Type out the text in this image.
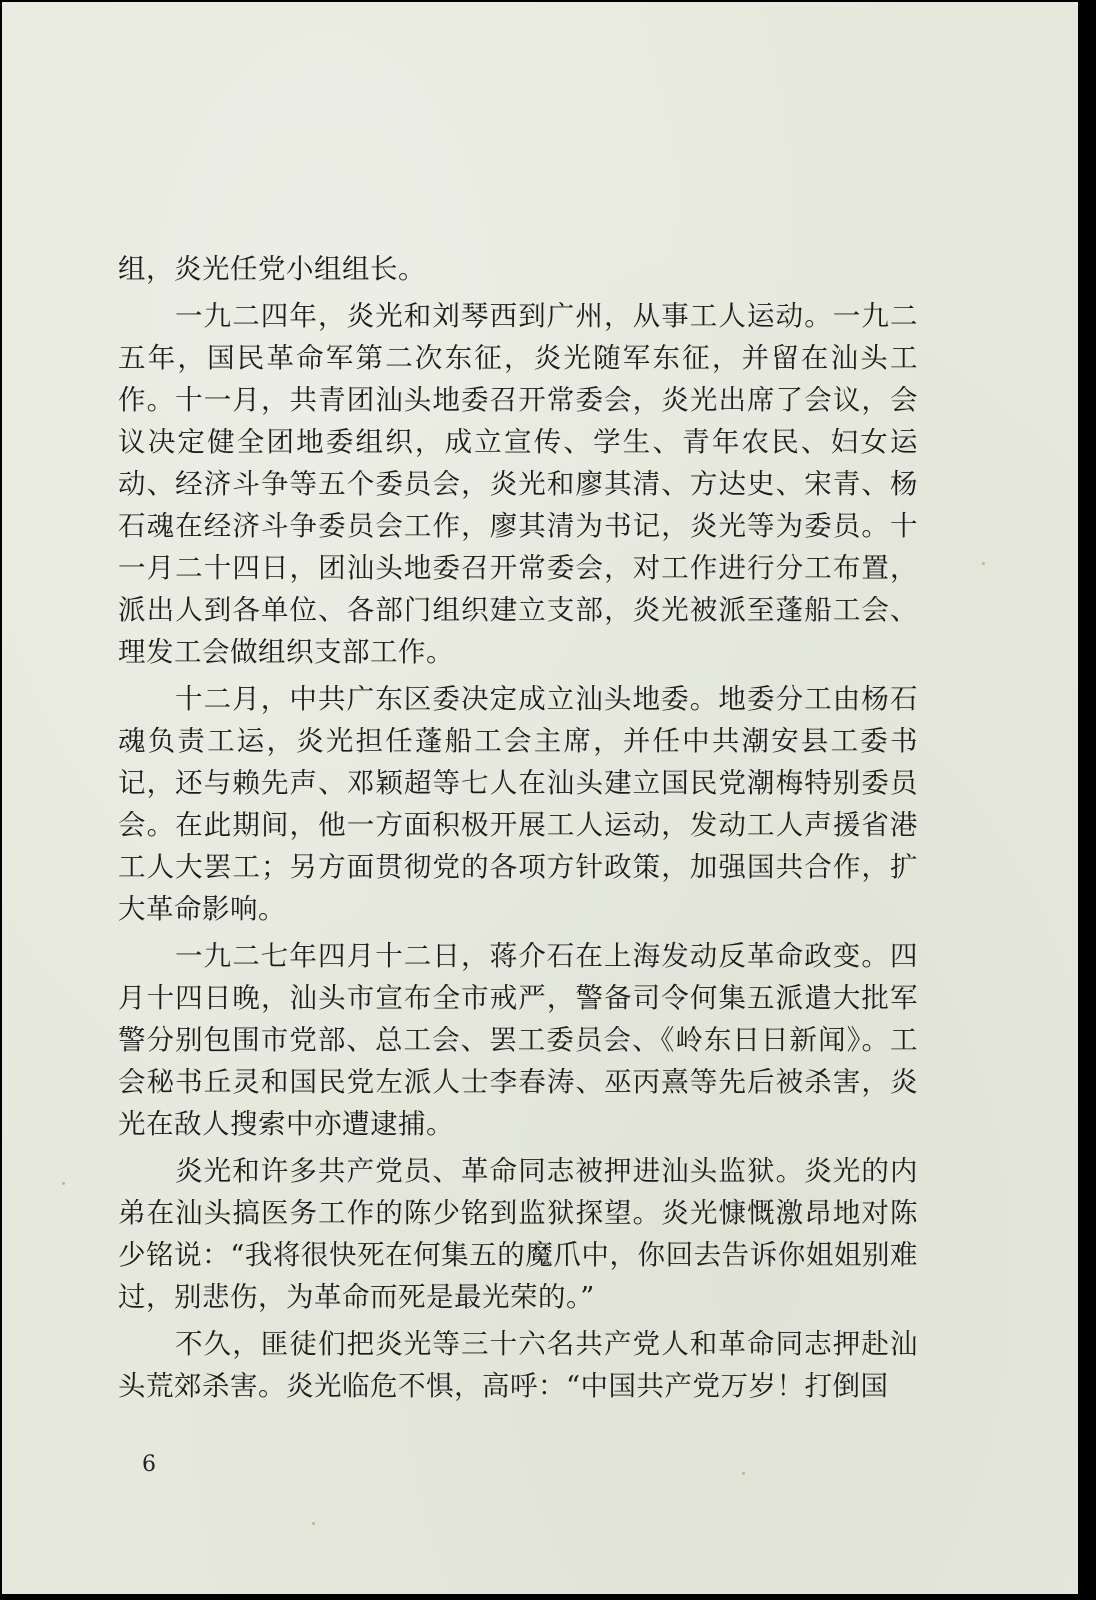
组，炎光任党小组组长。

一九二四年，炎光和刘琴西到广州，从事工人运动。一九二五年，国民革命军第二次东征，炎光随军东征，并留在汕头工作。十一月，共青团汕头地委召开常委会，炎光出席了会议，会议决定健全团地委组织，成立宣传、学生、青年农民、妇女运动、经济斗争等五个委员会，炎光和廖其清、方达史、宋青、杨石魂在经济斗争委员会工作，廖其清为书记，炎光等为委员。十一月二十四日，团汕头地委召开常委会，对工作进行分工布置，派出人到各单位、各部门组织建立支部，炎光被派至蓬船工会、理发工会做组织支部工作。

十二月，中共广东区委决定成立汕头地委。地委分工由杨石魂负责工运，炎光担任蓬船工会主席，并任中共潮安县工委书记，还与赖先声、邓颖超等七人在汕头建立国民党潮梅特别委员会。在此期间，他一方面积极开展工人运动，发动工人声援省港工人大罢工；另方面贯彻党的各项方针政策，加强国共合作，扩大革命影响。

一九二七年四月十二日，蒋介石在上海发动反革命政变。四月十四日晚，汕头市宣布全市戒严，警备司令何集五派遣大批军警分别包围市党部、总工会、罢工委员会、《岭东日日新闻》。工会秘书丘灵和国民党左派人士李春涛、巫丙熹等先后被杀害，炎光在敌人搜索中亦遭逮捕。

炎光和许多共产党员、革命同志被押进汕头监狱。炎光的内弟在汕头搞医务工作的陈少铭到监狱探望。炎光慷慨激昂地对陈少铭说：“我将很快死在何集五的魔爪中，你回去告诉你姐姐别难过，别悲伤，为革命而死是最光荣的。”

不久，匪徒们把炎光等三十六名共产党人和革命同志押赴汕头荒郊杀害。炎光临危不惧，高呼：“中国共产党万岁！打倒国

6
